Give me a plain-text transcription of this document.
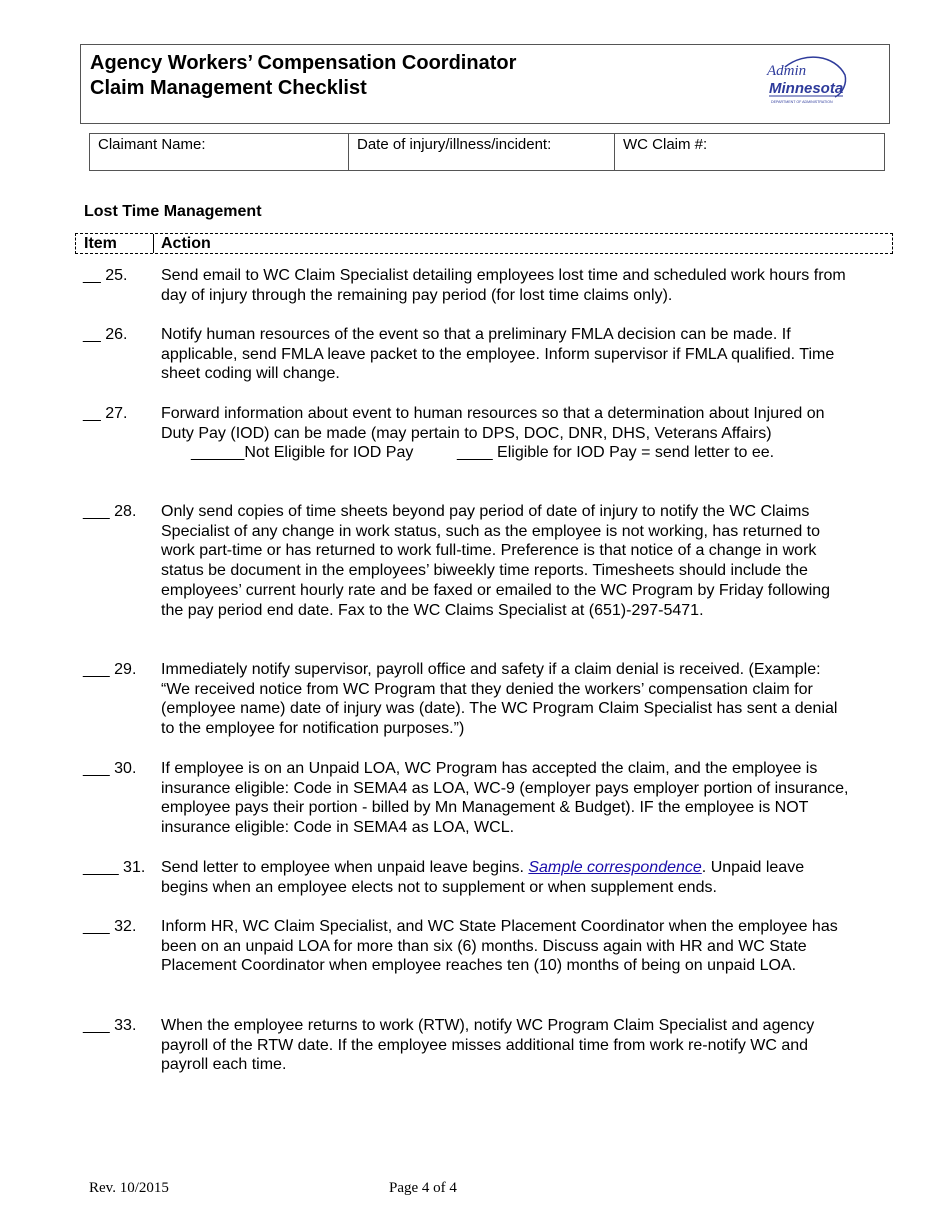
Agency Workers’ Compensation Coordinator
Claim Management Checklist
Admin
Minnesota
DEPARTMENT OF ADMINISTRATION
Claimant Name:	Date of injury/illness/incident:	WC Claim #:
Lost Time Management
Item	Action
__ 25. Send email to WC Claim Specialist detailing employees lost time and scheduled work hours from day of injury through the remaining pay period (for lost time claims only).
__ 26. Notify human resources of the event so that a preliminary FMLA decision can be made. If applicable, send FMLA leave packet to the employee. Inform supervisor if FMLA qualified. Time sheet coding will change.
__ 27. Forward information about event to human resources so that a determination about Injured on Duty Pay (IOD) can be made (may pertain to DPS, DOC, DNR, DHS, Veterans Affairs)
______Not Eligible for IOD Pay	____ Eligible for IOD Pay = send letter to ee.
___ 28. Only send copies of time sheets beyond pay period of date of injury to notify the WC Claims Specialist of any change in work status, such as the employee is not working, has returned to work part-time or has returned to work full-time. Preference is that notice of a change in work status be document in the employees’ biweekly time reports. Timesheets should include the employees’ current hourly rate and be faxed or emailed to the WC Program by Friday following the pay period end date. Fax to the WC Claims Specialist at (651)-297-5471.
___ 29. Immediately notify supervisor, payroll office and safety if a claim denial is received. (Example: “We received notice from WC Program that they denied the workers’ compensation claim for (employee name) date of injury was (date). The WC Program Claim Specialist has sent a denial to the employee for notification purposes.”)
___ 30. If employee is on an Unpaid LOA, WC Program has accepted the claim, and the employee is insurance eligible: Code in SEMA4 as LOA, WC-9 (employer pays employer portion of insurance, employee pays their portion - billed by Mn Management & Budget). IF the employee is NOT insurance eligible: Code in SEMA4 as LOA, WCL.
____ 31. Send letter to employee when unpaid leave begins. Sample correspondence. Unpaid leave begins when an employee elects not to supplement or when supplement ends.
___ 32. Inform HR, WC Claim Specialist, and WC State Placement Coordinator when the employee has been on an unpaid LOA for more than six (6) months. Discuss again with HR and WC State Placement Coordinator when employee reaches ten (10) months of being on unpaid LOA.
___ 33. When the employee returns to work (RTW), notify WC Program Claim Specialist and agency payroll of the RTW date. If the employee misses additional time from work re-notify WC and payroll each time.
Rev. 10/2015	Page 4 of 4
